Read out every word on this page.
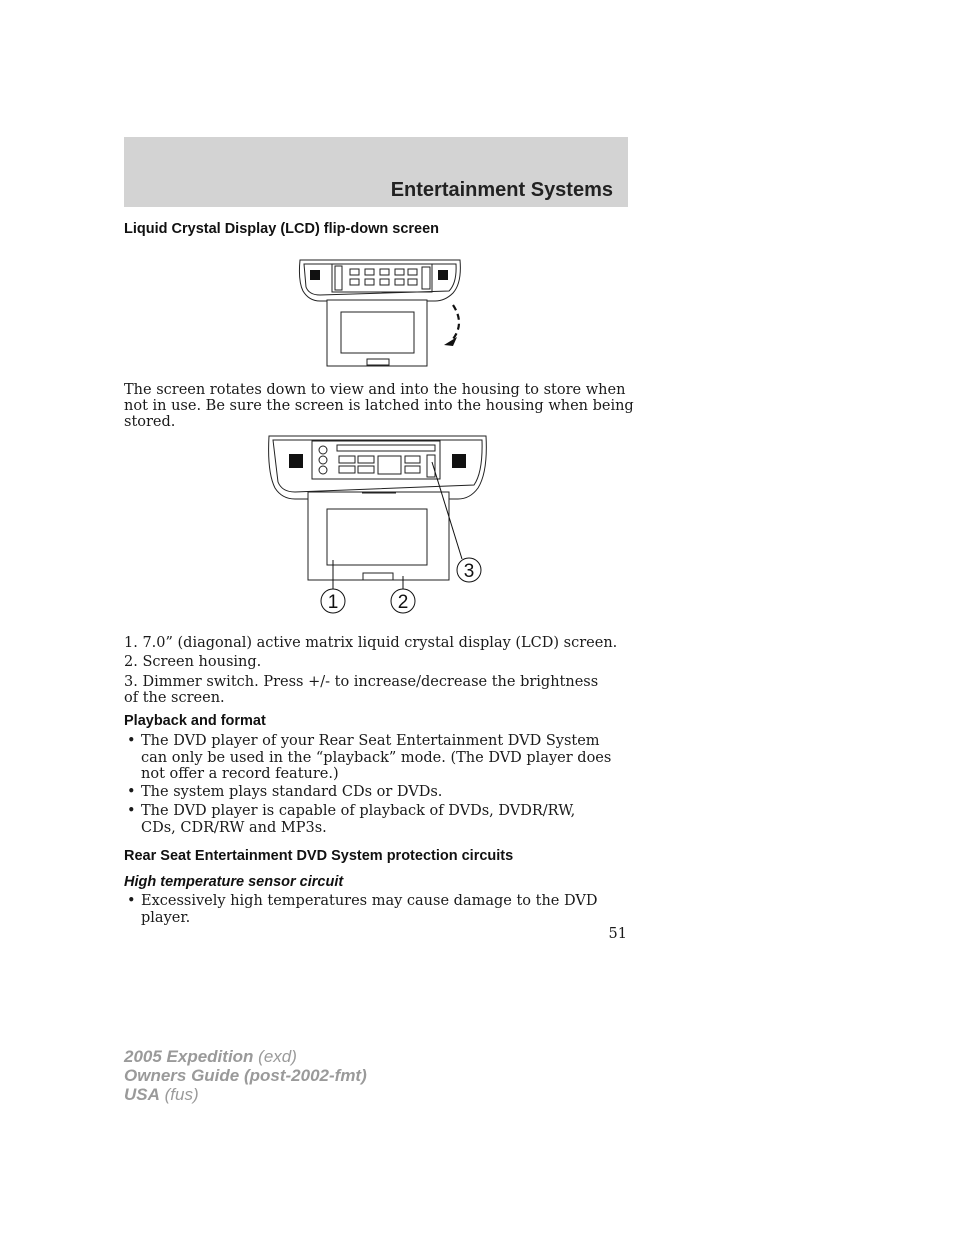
Entertainment Systems
Liquid Crystal Display (LCD) flip-down screen
The screen rotates down to view and into the housing to store when not in use. Be sure the screen is latched into the housing when being stored.
1	2
3
1. 7.0” (diagonal) active matrix liquid crystal display (LCD) screen.
2. Screen housing.
3. Dimmer switch. Press +/- to increase/decrease the brightness of the screen.
Playback and format
• The DVD player of your Rear Seat Entertainment DVD System can only be used in the “playback” mode. (The DVD player does not offer a record feature.)
• The system plays standard CDs or DVDs.
• The DVD player is capable of playback of DVDs, DVDR/RW, CDs, CDR/RW and MP3s.
Rear Seat Entertainment DVD System protection circuits
High temperature sensor circuit
• Excessively high temperatures may cause damage to the DVD player.
51
2005 Expedition (exd)
Owners Guide (post-2002-fmt)
USA (fus)
